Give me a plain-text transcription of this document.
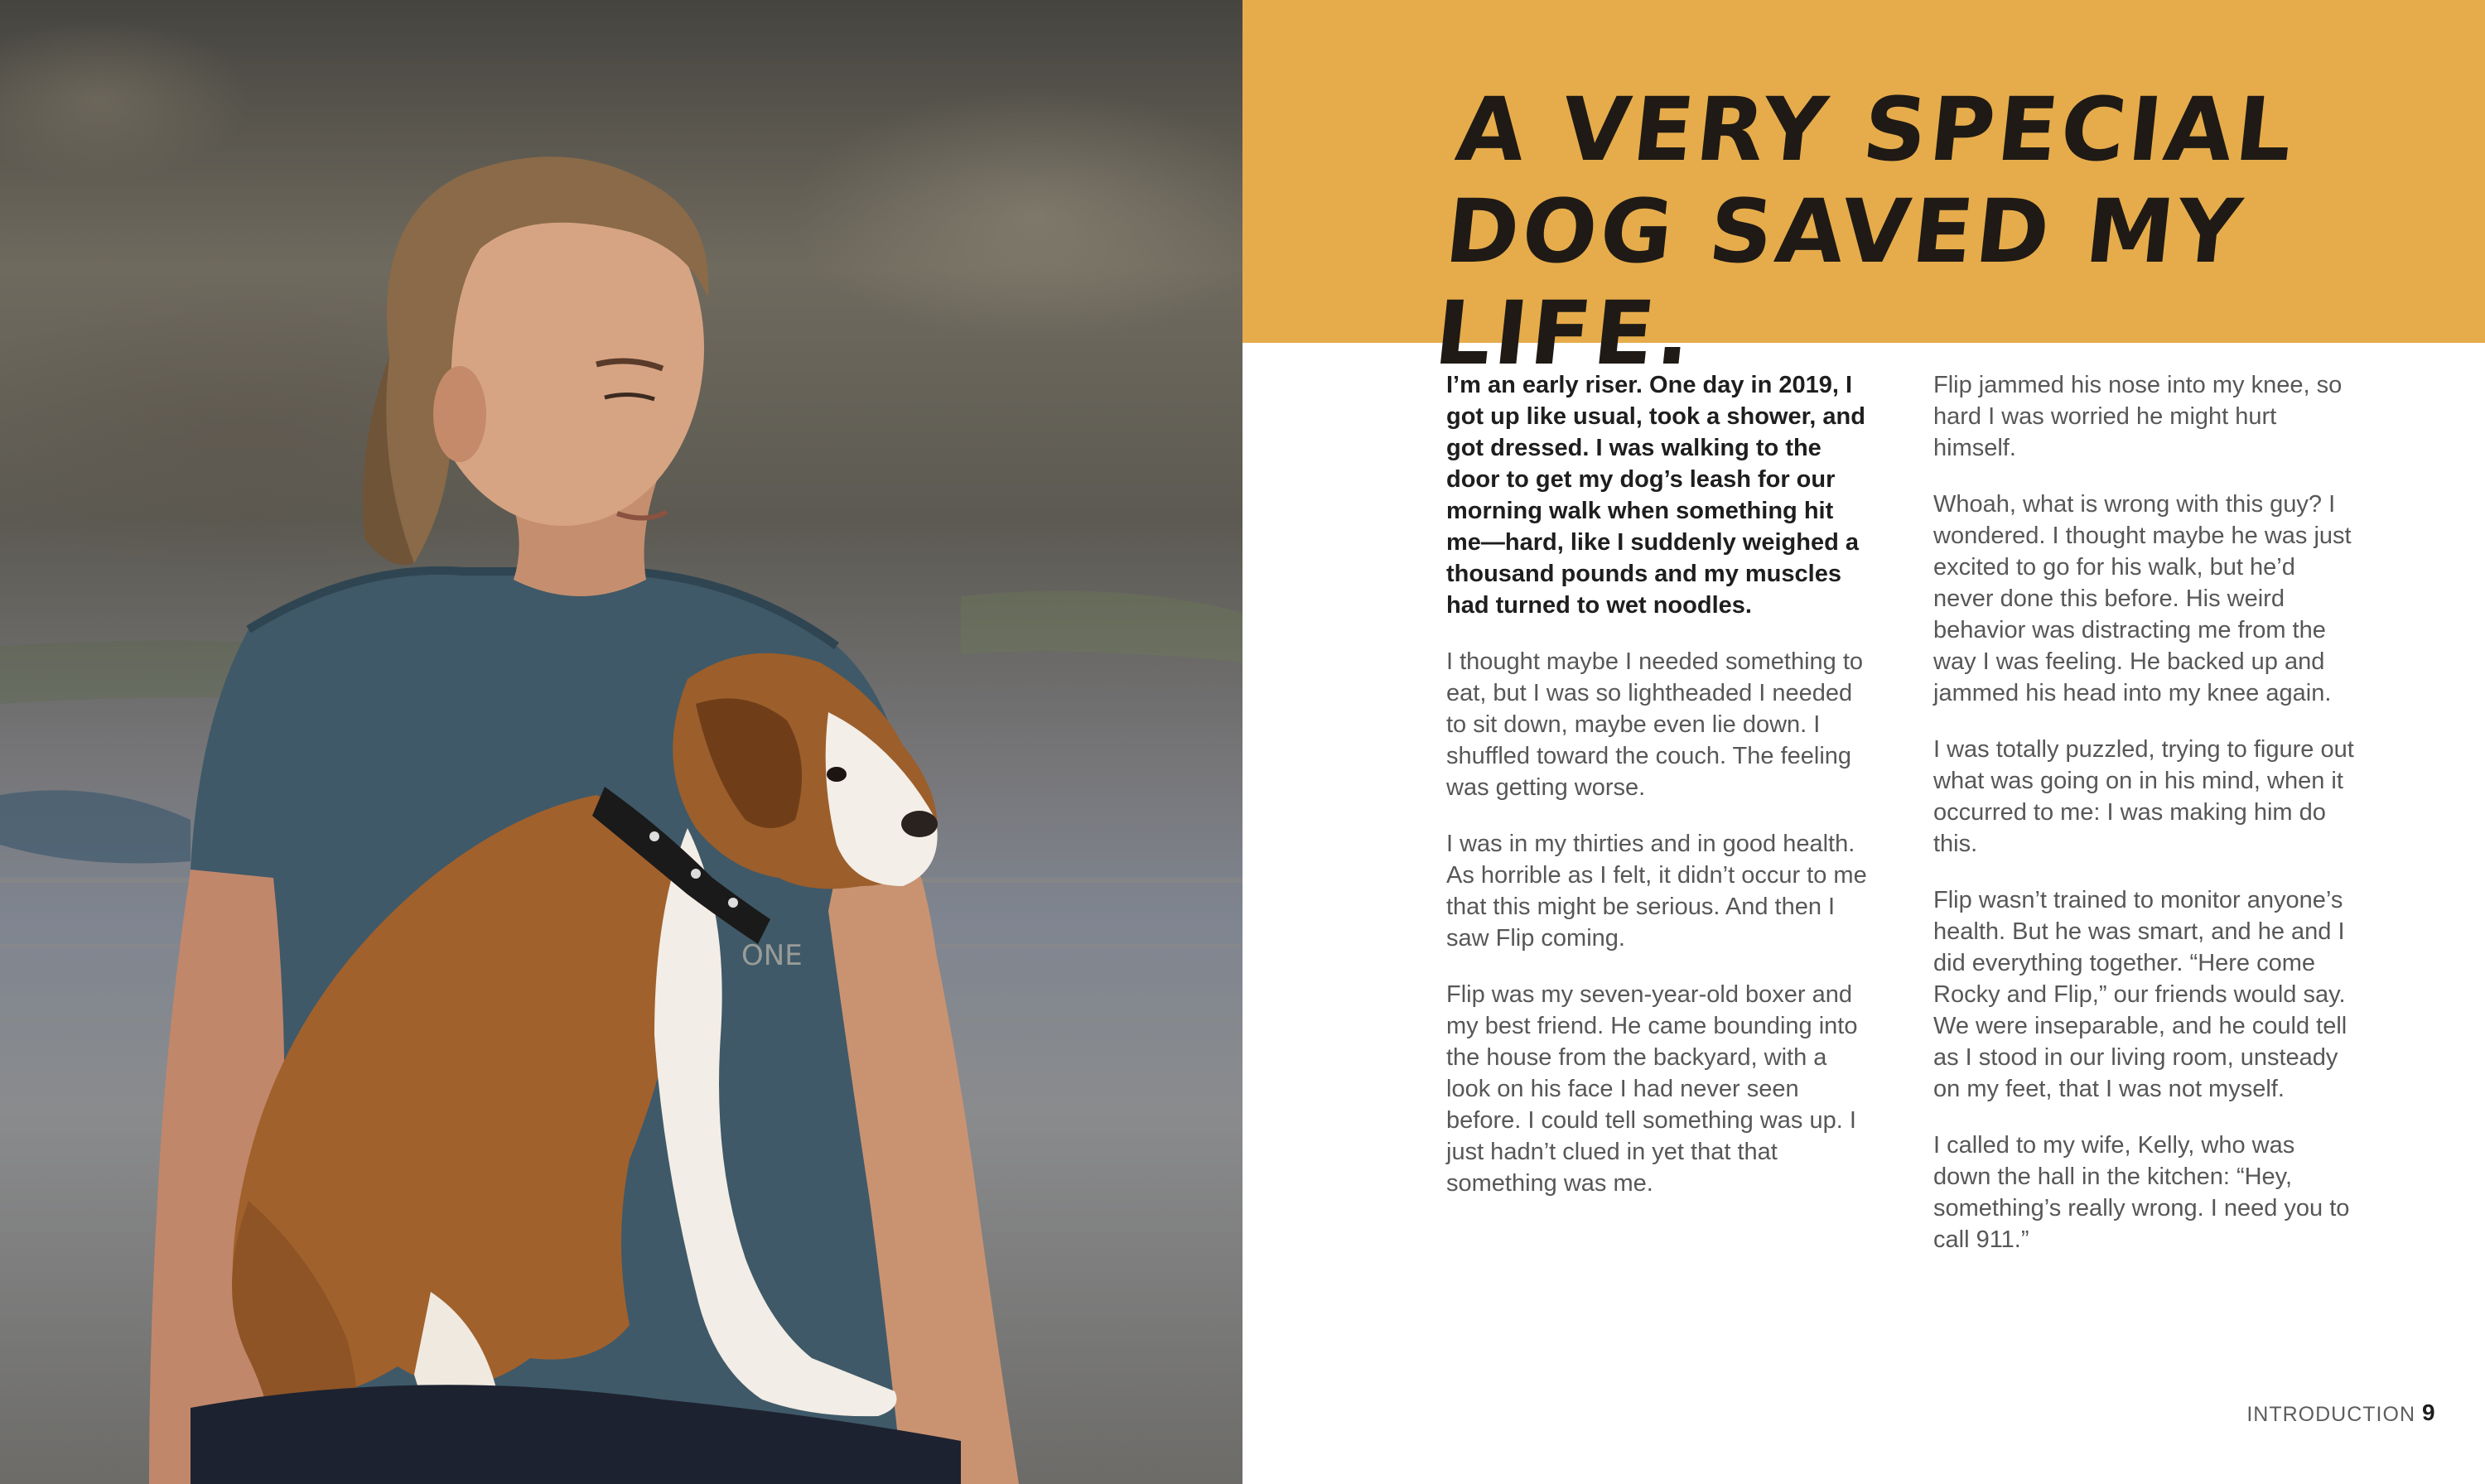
ONE
A VERY SPECIAL DOG SAVED MY LIFE.

I’m an early riser. One day in 2019, I got up like usual, took a shower, and got dressed. I was walking to the door to get my dog’s leash for our morning walk when something hit me—hard, like I suddenly weighed a thousand pounds and my muscles had turned to wet noodles.

I thought maybe I needed something to eat, but I was so lightheaded I needed to sit down, maybe even lie down. I shuffled toward the couch. The feeling was getting worse.

I was in my thirties and in good health. As horrible as I felt, it didn’t occur to me that this might be serious. And then I saw Flip coming.

Flip was my seven-year-old boxer and my best friend. He came bounding into the house from the backyard, with a look on his face I had never seen before. I could tell something was up. I just hadn’t clued in yet that that something was me.

Flip jammed his nose into my knee, so hard I was worried he might hurt himself.

Whoah, what is wrong with this guy? I wondered. I thought maybe he was just excited to go for his walk, but he’d never done this before. His weird behavior was distracting me from the way I was feeling. He backed up and jammed his head into my knee again.

I was totally puzzled, trying to figure out what was going on in his mind, when it occurred to me: I was making him do this.

Flip wasn’t trained to monitor anyone’s health. But he was smart, and he and I did everything together. “Here come Rocky and Flip,” our friends would say. We were inseparable, and he could tell as I stood in our living room, unsteady on my feet, that I was not myself.

I called to my wife, Kelly, who was down the hall in the kitchen: “Hey, something’s really wrong. I need you to call 911.”

INTRODUCTION 9
